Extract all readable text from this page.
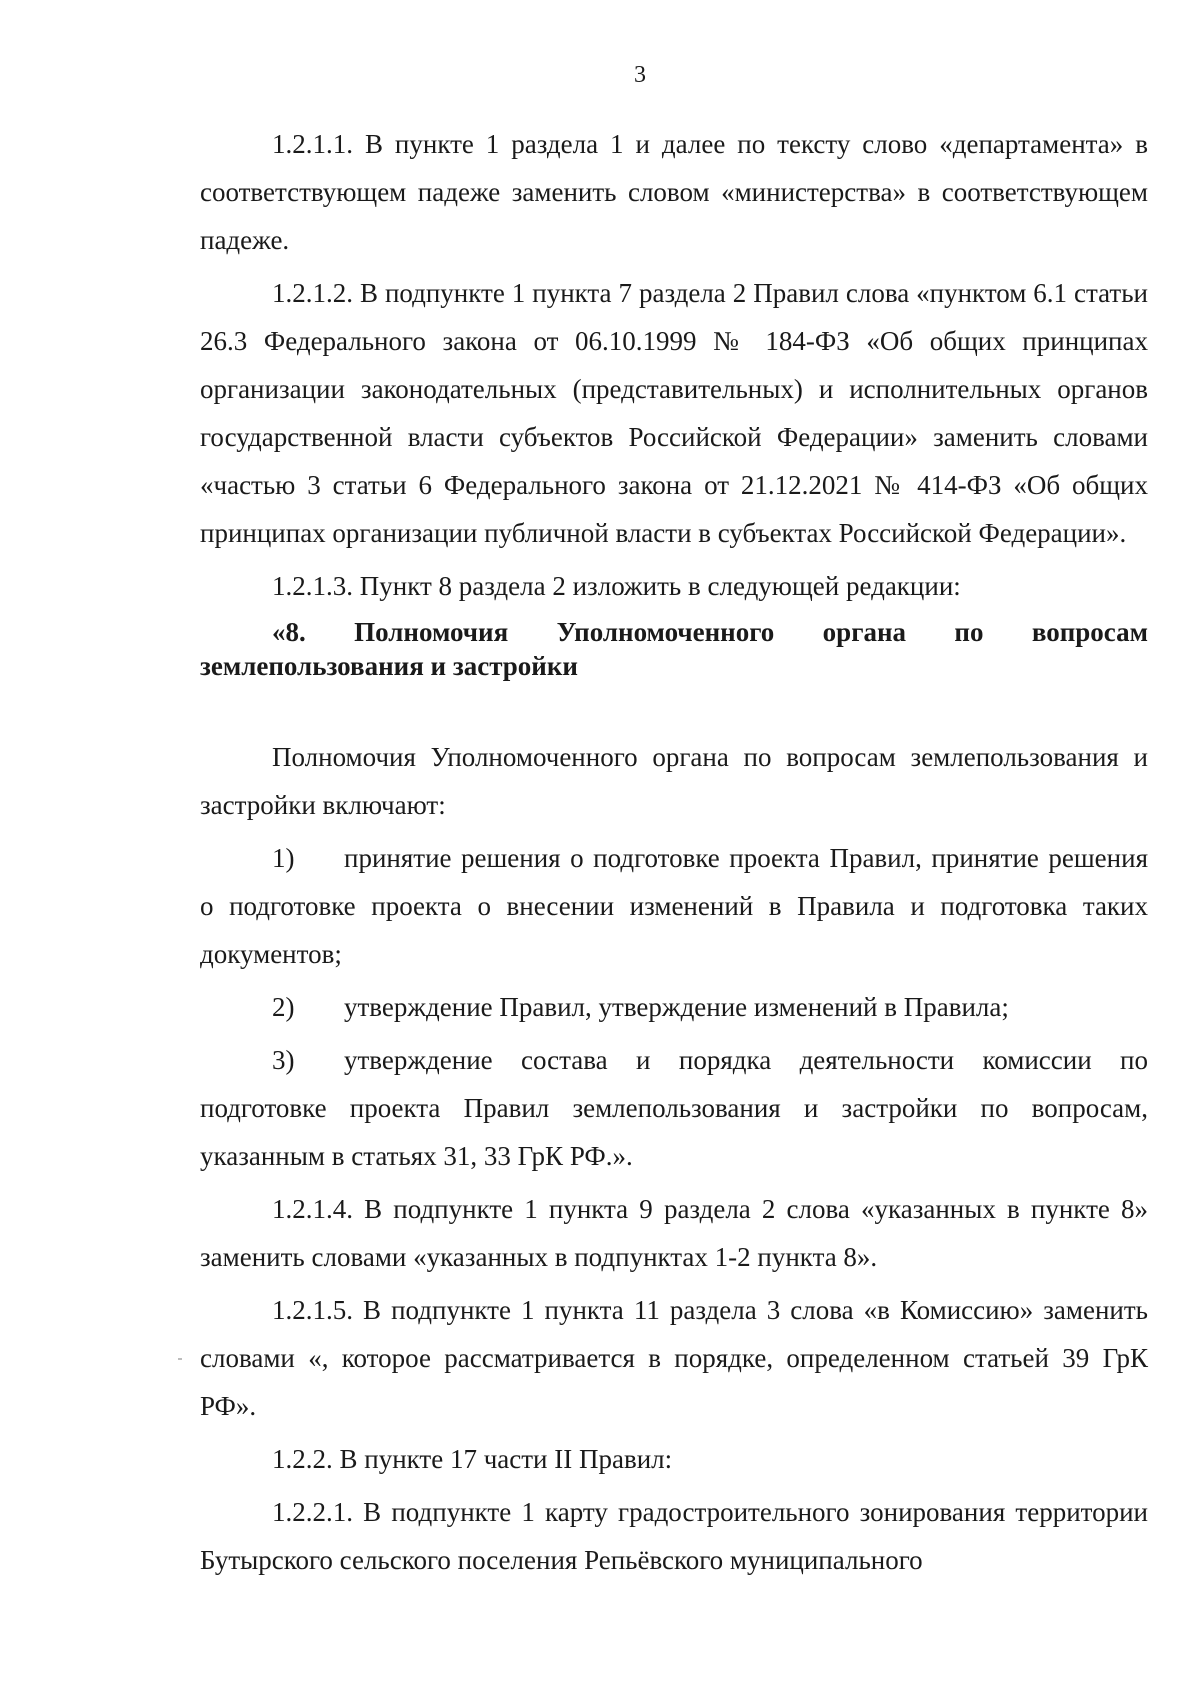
3

1.2.1.1. В пункте 1 раздела 1 и далее по тексту слово «департамента» в соответствующем падеже заменить словом «министерства» в соответствующем падеже.

1.2.1.2. В подпункте 1 пункта 7 раздела 2 Правил слова «пунктом 6.1 статьи 26.3 Федерального закона от 06.10.1999 № 184-ФЗ «Об общих принципах организации законодательных (представительных) и исполнительных органов государственной власти субъектов Российской Федерации» заменить словами «частью 3 статьи 6 Федерального закона от 21.12.2021 № 414-ФЗ «Об общих принципах организации публичной власти в субъектах Российской Федерации».

1.2.1.3. Пункт 8 раздела 2 изложить в следующей редакции:

«8. Полномочия Уполномоченного органа по вопросам землепользования и застройки

Полномочия Уполномоченного органа по вопросам землепользования и застройки включают:

1) принятие решения о подготовке проекта Правил, принятие решения о подготовке проекта о внесении изменений в Правила и подготовка таких документов;

2) утверждение Правил, утверждение изменений в Правила;

3) утверждение состава и порядка деятельности комиссии по подготовке проекта Правил землепользования и застройки по вопросам, указанным в статьях 31, 33 ГрК РФ.».

1.2.1.4. В подпункте 1 пункта 9 раздела 2 слова «указанных в пункте 8» заменить словами «указанных в подпунктах 1-2 пункта 8».

1.2.1.5. В подпункте 1 пункта 11 раздела 3 слова «в Комиссию» заменить словами «, которое рассматривается в порядке, определенном статьей 39 ГрК РФ».

1.2.2. В пункте 17 части II Правил:

1.2.2.1. В подпункте 1 карту градостроительного зонирования территории Бутырского сельского поселения Репьёвского муниципального
